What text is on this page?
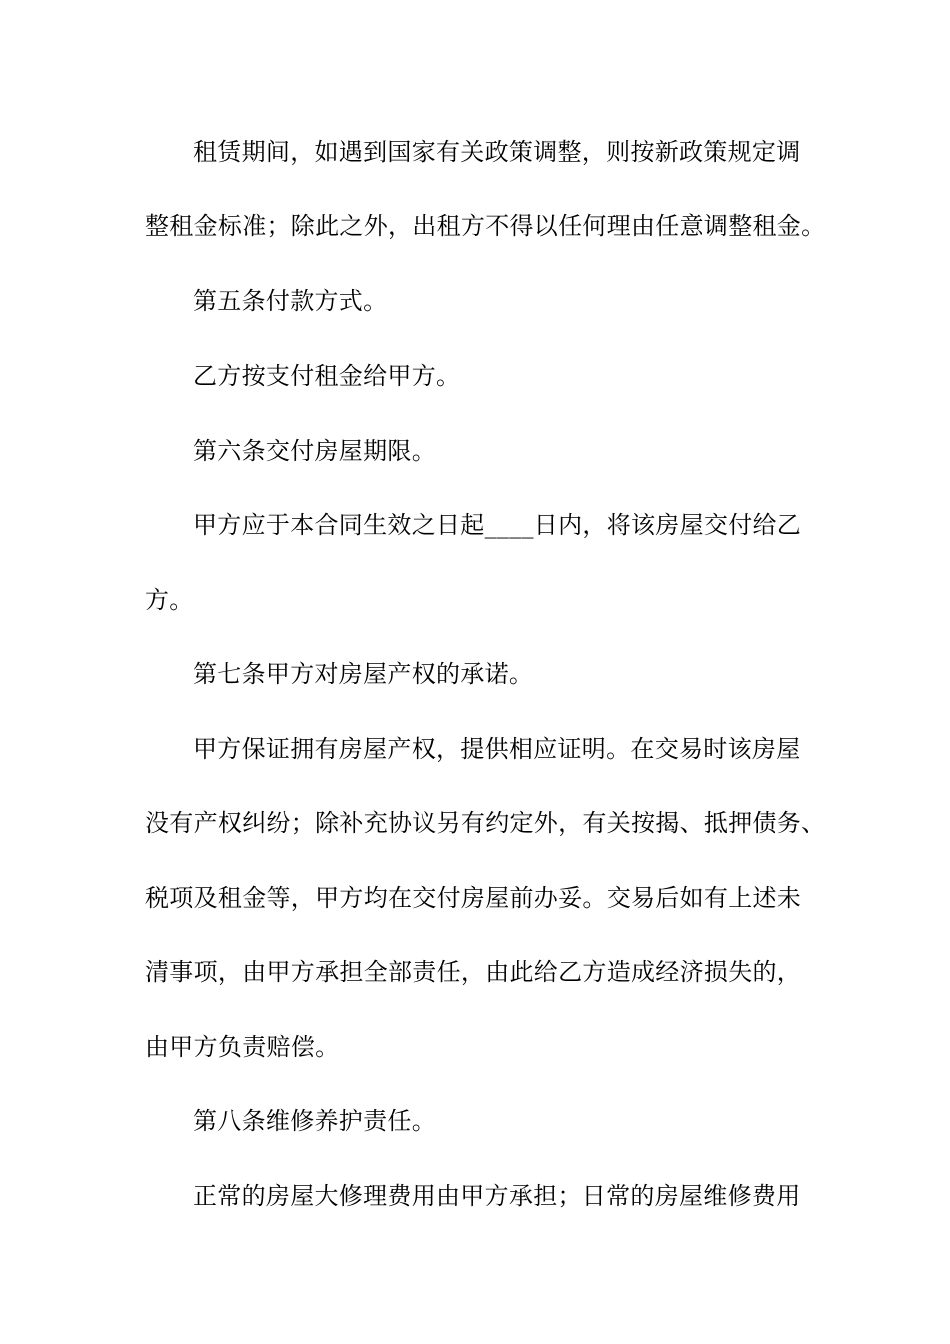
租赁期间，如遇到国家有关政策调整，则按新政策规定调
整租金标准；除此之外，出租方不得以任何理由任意调整租金。
第五条付款方式。
乙方按支付租金给甲方。
第六条交付房屋期限。
甲方应于本合同生效之日起____日内，将该房屋交付给乙
方。
第七条甲方对房屋产权的承诺。
甲方保证拥有房屋产权，提供相应证明。在交易时该房屋
没有产权纠纷；除补充协议另有约定外，有关按揭、抵押债务、
税项及租金等，甲方均在交付房屋前办妥。交易后如有上述未
清事项，由甲方承担全部责任，由此给乙方造成经济损失的，
由甲方负责赔偿。
第八条维修养护责任。
正常的房屋大修理费用由甲方承担；日常的房屋维修费用
